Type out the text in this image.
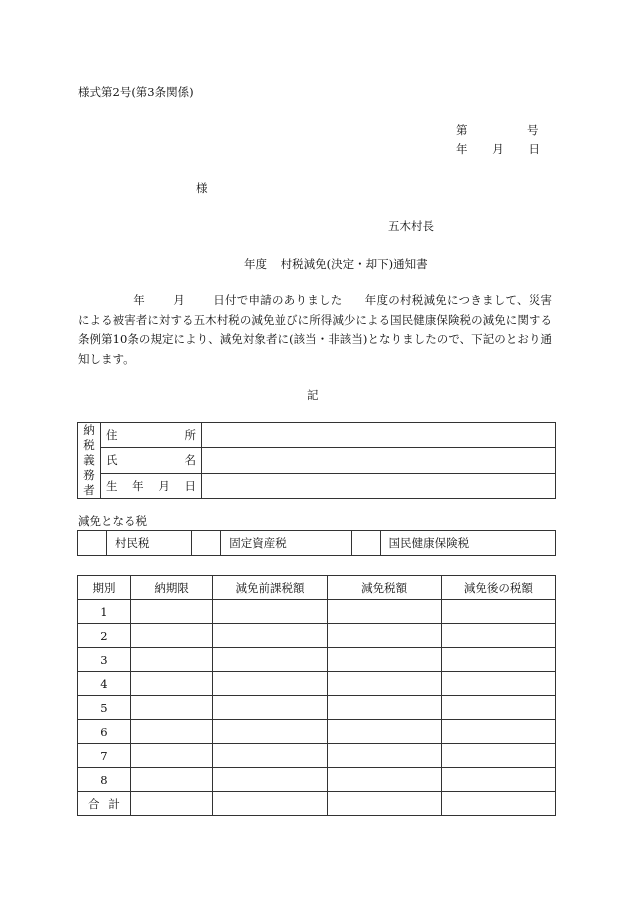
様式第2号(第3条関係)
第	号
年 月 日
様
五木村長
年度 村税減免(決定・却下)通知書
年 月 日付で申請のありました 年度の村税減免につきまして、災害による被害者に対する五木村税の減免並びに所得減少による国民健康保険税の減免に関する条例第10条の規定により、減免対象者に(該当・非該当)となりましたので、下記のとおり通知します。
記
納
税
義
務
者	住 所	

	氏 名	

	生 年 月 日	

減免となる税
	村民税		固定資産税		国民健康保険税
期別	納期限	減免前課税額	減免税額	減免後の税額
1				
2				
3				
4				
5				
6				
7				
8				

合 計				
